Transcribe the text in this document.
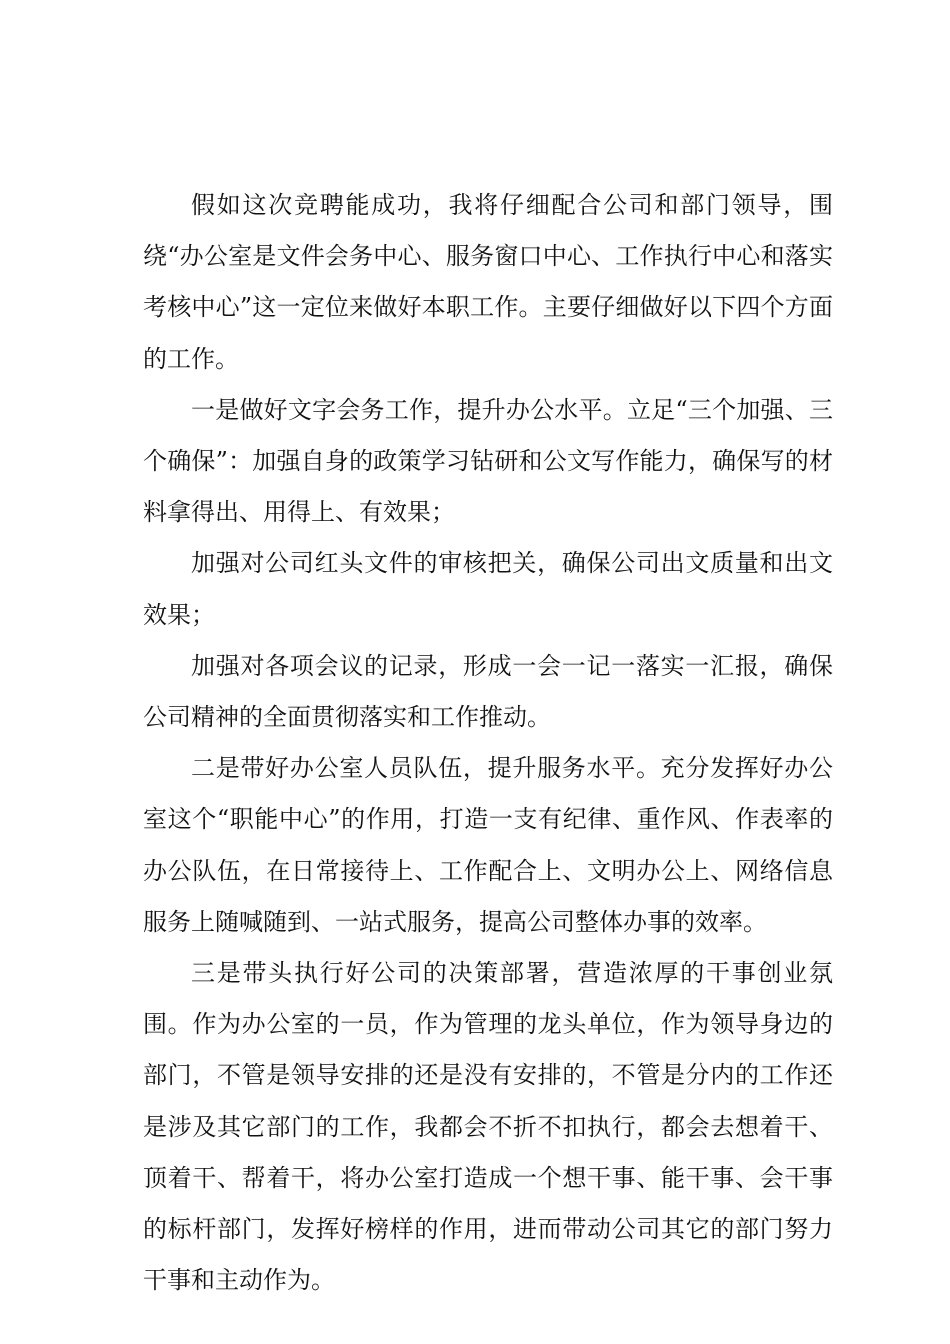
假如这次竞聘能成功，我将仔细配合公司和部门领导，围绕“办公室是文件会务中心、服务窗口中心、工作执行中心和落实考核中心”这一定位来做好本职工作。主要仔细做好以下四个方面的工作。

一是做好文字会务工作，提升办公水平。立足“三个加强、三个确保”：加强自身的政策学习钻研和公文写作能力，确保写的材料拿得出、用得上、有效果；

加强对公司红头文件的审核把关，确保公司出文质量和出文效果；

加强对各项会议的记录，形成一会一记一落实一汇报，确保公司精神的全面贯彻落实和工作推动。

二是带好办公室人员队伍，提升服务水平。充分发挥好办公室这个“职能中心”的作用，打造一支有纪律、重作风、作表率的办公队伍，在日常接待上、工作配合上、文明办公上、网络信息服务上随喊随到、一站式服务，提高公司整体办事的效率。

三是带头执行好公司的决策部署，营造浓厚的干事创业氛围。作为办公室的一员，作为管理的龙头单位，作为领导身边的部门，不管是领导安排的还是没有安排的，不管是分内的工作还是涉及其它部门的工作，我都会不折不扣执行，都会去想着干、顶着干、帮着干，将办公室打造成一个想干事、能干事、会干事的标杆部门，发挥好榜样的作用，进而带动公司其它的部门努力干事和主动作为。
